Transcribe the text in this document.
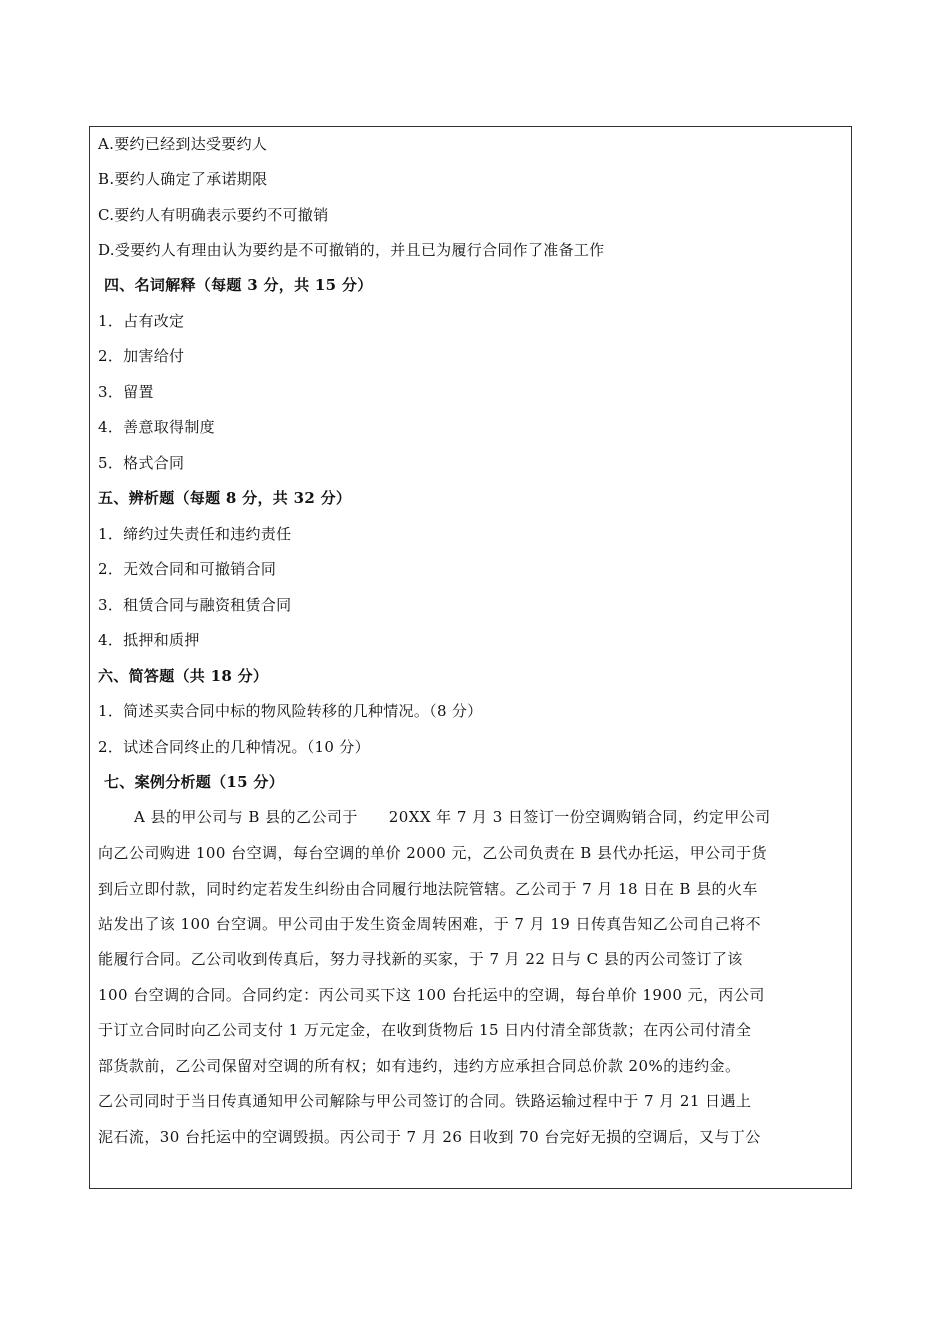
A.要约已经到达受要约人
B.要约人确定了承诺期限
C.要约人有明确表示要约不可撤销
D.受要约人有理由认为要约是不可撤销的，并且已为履行合同作了准备工作
四、名词解释（每题 3 分，共 15 分）
1．占有改定
2．加害给付
3．留置
4．善意取得制度
5．格式合同
五、辨析题（每题 8 分，共 32 分）
1．缔约过失责任和违约责任
2．无效合同和可撤销合同
3．租赁合同与融资租赁合同
4．抵押和质押
六、简答题（共 18 分）
1．简述买卖合同中标的物风险转移的几种情况。（8 分）
2．试述合同终止的几种情况。（10 分）
七、案例分析题（15 分）
A 县的甲公司与 B 县的乙公司于　　20XX 年 7 月 3 日签订一份空调购销合同，约定甲公司
向乙公司购进 100 台空调，每台空调的单价 2000 元，乙公司负责在 B 县代办托运，甲公司于货
到后立即付款，同时约定若发生纠纷由合同履行地法院管辖。乙公司于 7 月 18 日在 B 县的火车
站发出了该 100 台空调。甲公司由于发生资金周转困难，于 7 月 19 日传真告知乙公司自己将不
能履行合同。乙公司收到传真后，努力寻找新的买家，于 7 月 22 日与 C 县的丙公司签订了该
100 台空调的合同。合同约定：丙公司买下这 100 台托运中的空调，每台单价 1900 元，丙公司
于订立合同时向乙公司支付 1 万元定金，在收到货物后 15 日内付清全部货款；在丙公司付清全
部货款前，乙公司保留对空调的所有权；如有违约，违约方应承担合同总价款 20%的违约金。
乙公司同时于当日传真通知甲公司解除与甲公司签订的合同。铁路运输过程中于 7 月 21 日遇上
泥石流，30 台托运中的空调毁损。丙公司于 7 月 26 日收到 70 台完好无损的空调后，又与丁公
